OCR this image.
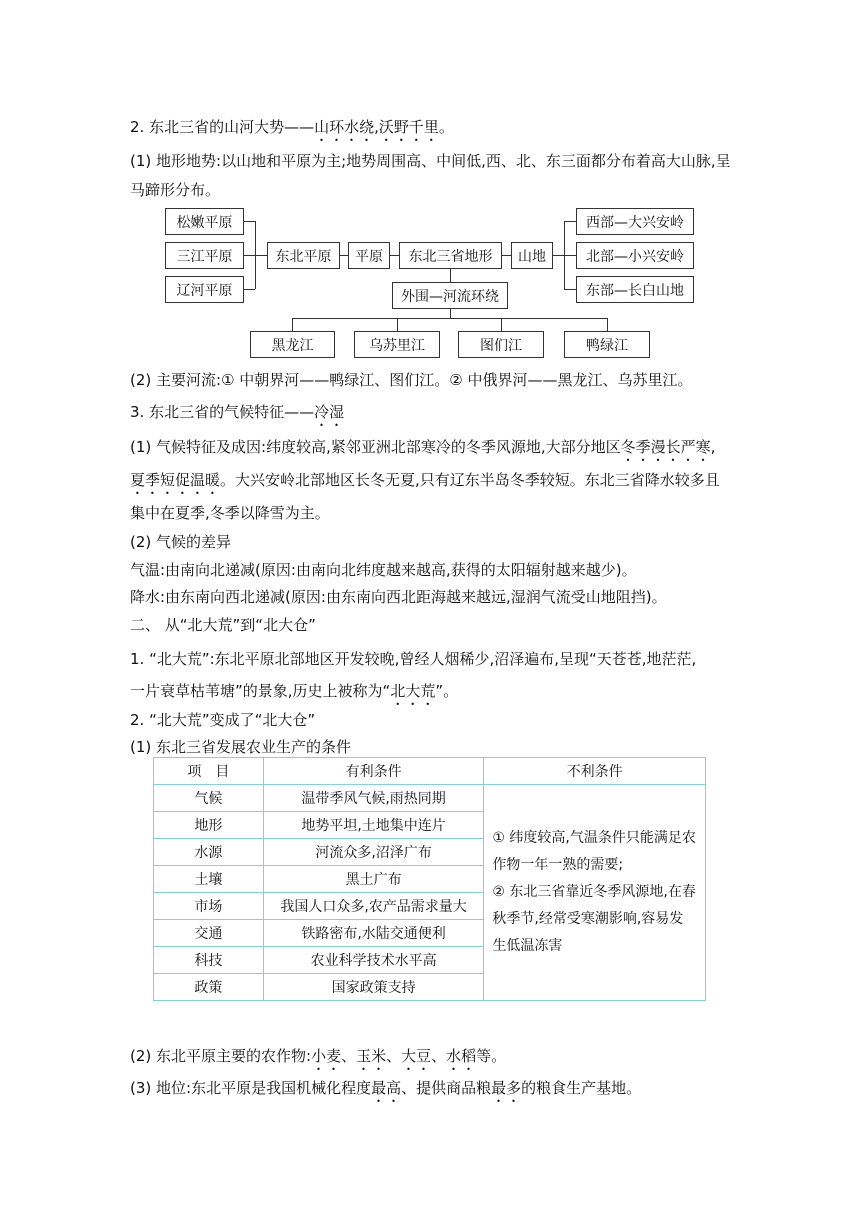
2. 东北三省的山河大势——山环水绕,沃野千里。
(1) 地形地势:以山地和平原为主;地势周围高、中间低,西、北、东三面都分布着高大山脉,呈
马蹄形分布。
松嫩平原
三江平原
辽河平原
东北平原	平原	东北三省地形	山地
西部—大兴安岭
北部—小兴安岭
东部—长白山地
外围—河流环绕
黑龙江	乌苏里江	图们江	鸭绿江
(2) 主要河流:① 中朝界河——鸭绿江、图们江。② 中俄界河——黑龙江、乌苏里江。
3. 东北三省的气候特征——冷湿
(1) 气候特征及成因:纬度较高,紧邻亚洲北部寒冷的冬季风源地,大部分地区冬季漫长严寒,
夏季短促温暖。大兴安岭北部地区长冬无夏,只有辽东半岛冬季较短。东北三省降水较多且
集中在夏季,冬季以降雪为主。
(2) 气候的差异
气温:由南向北递减(原因:由南向北纬度越来越高,获得的太阳辐射越来越少)。
降水:由东南向西北递减(原因:由东南向西北距海越来越远,湿润气流受山地阻挡)。
二、 从“北大荒”到“北大仓”
1. “北大荒”:东北平原北部地区开发较晚,曾经人烟稀少,沼泽遍布,呈现“天苍苍,地茫茫,
一片衰草枯苇塘”的景象,历史上被称为“北大荒”。
2. “北大荒”变成了“北大仓”
(1) 东北三省发展农业生产的条件
项　目	有利条件	不利条件
气候	温带季风气候,雨热同期	① 纬度较高,气温条件只能满足农作物一年一熟的需要;
② 东北三省靠近冬季风源地,在春秋季节,经常受寒潮影响,容易发生低温冻害

地形	地势平坦,土地集中连片	
水源	河流众多,沼泽广布	
土壤	黑土广布	
市场	我国人口众多,农产品需求量大	
交通	铁路密布,水陆交通便利	
科技	农业科学技术水平高	
政策	国家政策支持	
(2) 东北平原主要的农作物:小麦、玉米、大豆、水稻等。
(3) 地位:东北平原是我国机械化程度最高、提供商品粮最多的粮食生产基地。
